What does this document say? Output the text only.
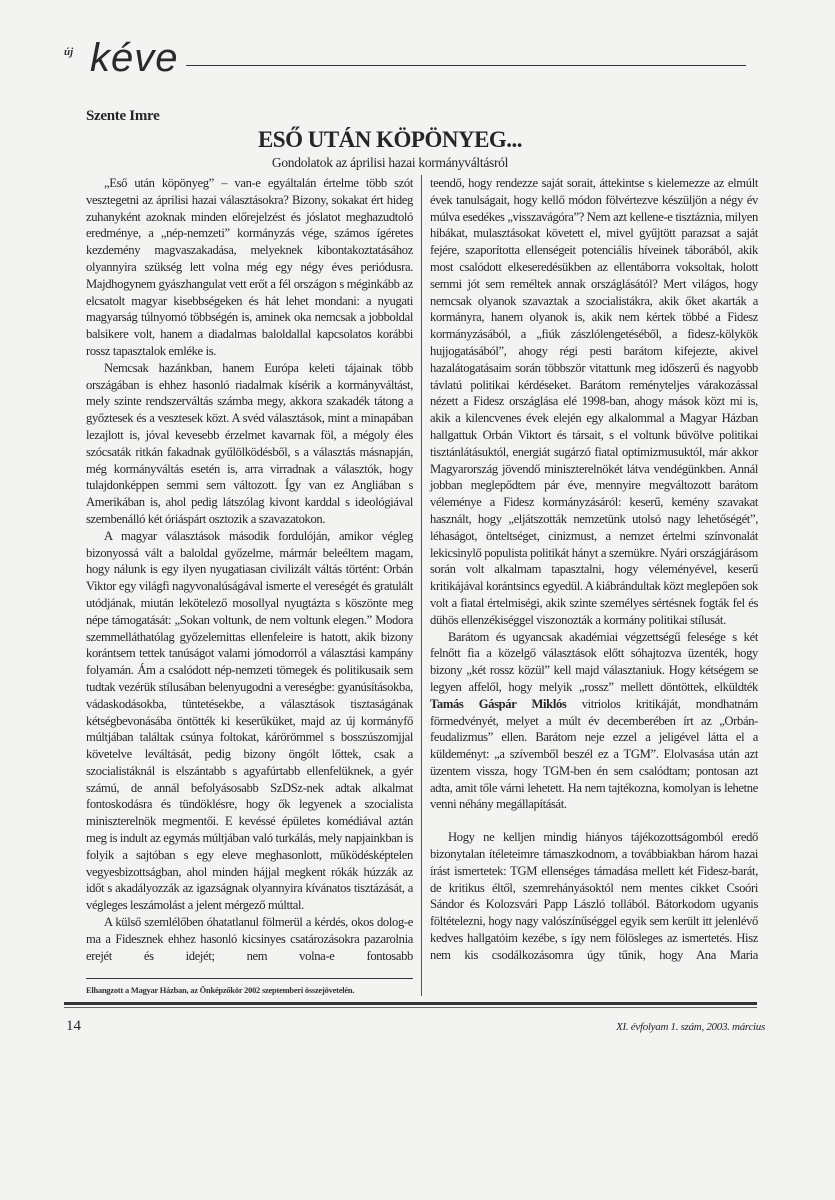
új kéve
Szente Imre
ESŐ UTÁN KÖPÖNYEG...
Gondolatok az áprilisi hazai kormányváltásról

„Eső után köpönyeg” – van-e egyáltalán értelme több szót vesztegetni az áprilisi hazai választásokra? Bizony, sokakat ért hideg zuhanyként azoknak minden előrejelzést és jóslatot meghazudtoló eredménye, a „nép-nemzeti” kormányzás vége, számos ígéretes kezdemény magvaszakadása, melyeknek kibontakoztatásához olyannyira szükség lett volna még egy négy éves periódusra. Majdhogynem gyászhangulat vett erőt a fél országon s méginkább az elcsatolt magyar kisebbségeken és hát lehet mondani: a nyugati magyarság túlnyomó többségén is, aminek oka nemcsak a jobboldal balsikere volt, hanem a diadalmas baloldallal kapcsolatos korábbi rossz tapasztalok emléke is.

Nemcsak hazánkban, hanem Európa keleti tájainak több országában is ehhez hasonló riadalmak kísérik a kormányváltást, mely szinte rendszerváltás számba megy, akkora szakadék tátong a győztesek és a vesztesek közt. A svéd választások, mint a minapában lezajlott is, jóval kevesebb érzelmet kavarnak föl, a mégoly éles szócsaták ritkán fakadnak gyűlölködésből, s a választás másnapján, még kormányváltás esetén is, arra virradnak a választók, hogy tulajdonképpen semmi sem változott. Így van ez Angliában s Amerikában is, ahol pedig látszólag kivont karddal s ideológiával szembenálló két óriáspárt osztozik a szavazatokon.

A magyar választások második fordulóján, amikor végleg bizonyossá vált a baloldal győzelme, mármár beleéltem magam, hogy nálunk is egy ilyen nyugatiasan civilizált váltás történt: Orbán Viktor egy világfi nagyvonalúságával ismerte el vereségét és gratulált utódjának, miután lekötelező mosollyal nyugtázta s köszönte meg népe támogatását: „Sokan voltunk, de nem voltunk elegen.” Modora szemmelláthatólag győzelemittas ellenfeleire is hatott, akik bizony korántsem tettek tanúságot valami jómodorról a választási kampány folyamán. Ám a csalódott nép-nemzeti tömegek és politikusaik sem tudtak vezérük stílusában belenyugodni a vereségbe: gyanúsításokba, vádaskodásokba, tüntetésekbe, a választások tisztaságának kétségbevonásába öntötték ki keserűküket, majd az új kormányfő múltjában találtak csúnya foltokat, kárörömmel s bosszúszomjjal követelve leváltását, pedig bizony öngólt lőttek, csak a szocialistáknál is elszántabb s agyafúrtabb ellenfelüknek, a gyér számú, de annál befolyásosabb SzDSz-nek adtak alkalmat fontoskodásra és tündöklésre, hogy ők legyenek a szocialista miniszterelnök megmentői. E kevéssé épületes komédiával aztán meg is indult az egymás múltjában való turkálás, mely napjainkban is folyik a sajtóban s egy eleve meghasonlott, működésképtelen vegyesbizottságban, ahol minden hájjal megkent rókák húzzák az időt s akadályozzák az igazságnak olyannyira kívánatos tisztázását, a végleges leszámolást a jelent mérgező múlttal.

A külső szemlélőben óhatatlanul fölmerül a kérdés, okos dolog-e ma a Fidesznek ehhez hasonló kicsinyes csatározásokra pazarolnia erejét és idejét; nem volna-e fontosabb

Elhangzott a Magyar Házban, az Önképzőkör 2002 szeptemberi összejövetelén.

teendő, hogy rendezze saját sorait, áttekintse s kielemezze az elmúlt évek tanulságait, hogy kellő módon fölvértezve készüljön a négy év múlva esedékes „visszavágóra”? Nem azt kellene-e tisztáznia, milyen hibákat, mulasztásokat követett el, mivel gyűjtött parazsat a saját fejére, szaporította ellenségeit potenciális híveinek táborából, akik most csalódott elkeseredésükben az ellentáborra voksoltak, holott semmi jót sem reméltek annak országlásától? Mert világos, hogy nemcsak olyanok szavaztak a szocialistákra, akik őket akarták a kormányra, hanem olyanok is, akik nem kértek többé a Fidesz kormányzásából, a „fiúk zászlólengetéséből, a fidesz-kölykök hujjogatásából”, ahogy régi pesti barátom kifejezte, akivel hazalátogatásaim során többször vitattunk meg időszerű és nagyobb távlatú politikai kérdéseket. Barátom reményteljes várakozással nézett a Fidesz országlása elé 1998-ban, ahogy mások közt mi is, akik a kilencvenes évek elején egy alkalommal a Magyar Házban hallgattuk Orbán Viktort és társait, s el voltunk bűvölve politikai tisztánlátásuktól, energiát sugárzó fiatal optimizmusuktól, már akkor Magyarország jövendő miniszterelnökét látva vendégünkben. Annál jobban meglepődtem pár éve, mennyire megváltozott barátom véleménye a Fidesz kormányzásáról: keserű, kemény szavakat használt, hogy „eljátszották nemzetünk utolsó nagy lehetőségét”, léhaságot, önteltséget, cinizmust, a nemzet értelmi színvonalát lekicsinylő populista politikát hányt a szemükre. Nyári országjárásom során volt alkalmam tapasztalni, hogy véleményével, keserű kritikájával korántsincs egyedül. A kiábrándultak közt meglepően sok volt a fiatal értelmiségi, akik szinte személyes sértésnek fogták fel és dühös ellenzékiséggel viszonozták a kormány politikai stílusát.

Barátom és ugyancsak akadémiai végzettségű felesége s két felnőtt fia a közelgő választások előtt sóhajtozva üzenték, hogy bizony „két rossz közül” kell majd választaniuk. Hogy kétségem se legyen affelől, hogy melyik „rossz” mellett döntöttek, elküldték Tamás Gáspár Miklós vitriolos kritikáját, mondhatnám förmedvényét, melyet a múlt év decemberében írt az „Orbán-feudalizmus” ellen. Barátom neje ezzel a jeligével látta el a küldeményt: „a szívemből beszél ez a TGM”. Elolvasása után azt üzentem vissza, hogy TGM-ben én sem csalódtam; pontosan azt adta, amit tőle várni lehetett. Ha nem tajtékozna, komolyan is lehetne venni néhány megállapítását.

Hogy ne kelljen mindig hiányos tájékozottságomból eredő bizonytalan ítéleteimre támaszkodnom, a továbbiakban három hazai írást ismertetek: TGM ellenséges támadása mellett két Fidesz-barát, de kritikus éltől, szemrehányásoktól nem mentes cikket Csoóri Sándor és Kolozsvári Papp László tollából. Bátorkodom ugyanis föltételezni, hogy nagy valószínűséggel egyik sem került itt jelenlévő kedves hallgatóim kezébe, s így nem fölösleges az ismertetés. Hisz nem kis csodálkozásomra úgy tűnik, hogy Ana Maria

14	XI. évfolyam 1. szám, 2003. március
